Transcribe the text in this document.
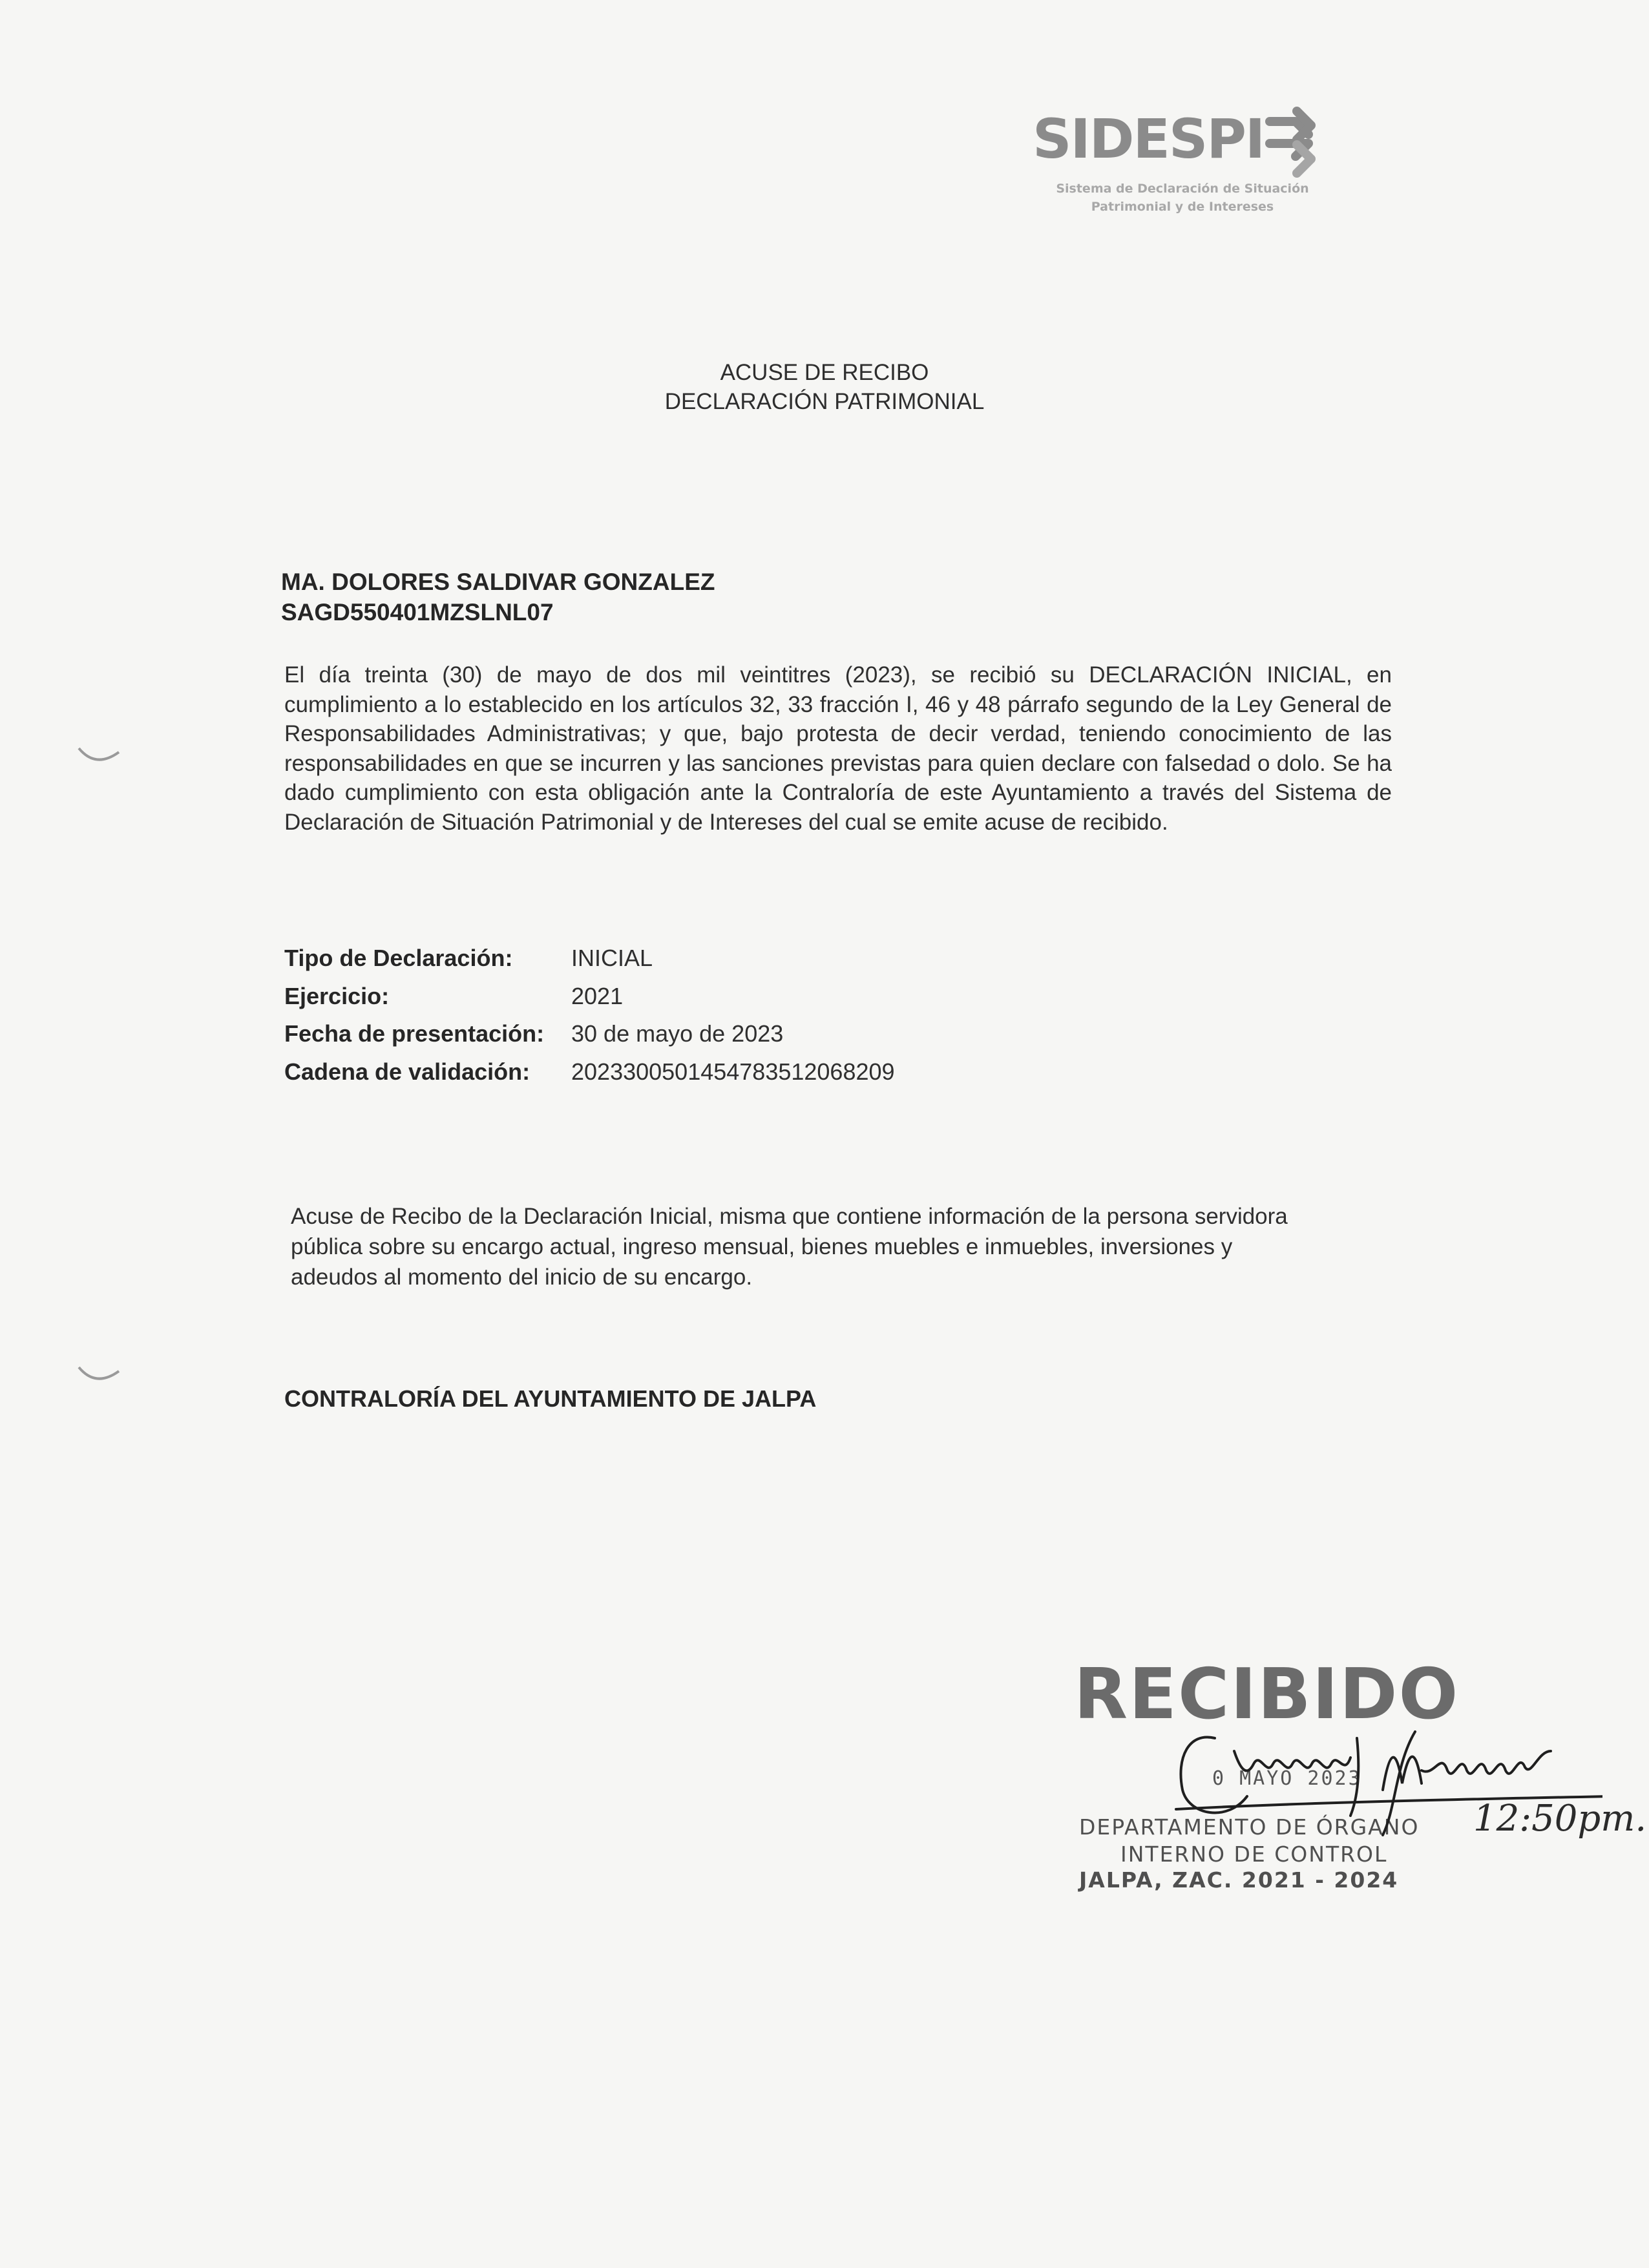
SIDESPI
Sistema de Declaración de Situación
Patrimonial y de Intereses
ACUSE DE RECIBO
DECLARACIÓN PATRIMONIAL
MA. DOLORES SALDIVAR GONZALEZ
SAGD550401MZSLNL07
El día treinta (30) de mayo de dos mil veintitres (2023), se recibió su DECLARACIÓN INICIAL, en cumplimiento a lo establecido en los artículos 32, 33 fracción I, 46 y 48 párrafo segundo de la Ley General de Responsabilidades Administrativas; y que, bajo protesta de decir verdad, teniendo conocimiento de las responsabilidades en que se incurren y las sanciones previstas para quien declare con falsedad o dolo. Se ha dado cumplimiento con esta obligación ante la Contraloría de este Ayuntamiento a través del Sistema de Declaración de Situación Patrimonial y de Intereses del cual se emite acuse de recibido.
Tipo de Declaración:	INICIAL
Ejercicio:	2021
Fecha de presentación: 30 de mayo de 2023
Cadena de validación: 20233005014547835120682​09
Acuse de Recibo de la Declaración Inicial, misma que contiene información de la persona servidora pública sobre su encargo actual, ingreso mensual, bienes muebles e inmuebles, inversiones y adeudos al momento del inicio de su encargo.
CONTRALORÍA DEL AYUNTAMIENTO DE JALPA
RECIBIDO
0 MAYO 2023
DEPARTAMENTO DE ÓRGANO
INTERNO DE CONTROL
JALPA, ZAC. 2021 - 2024
12:50pm.
